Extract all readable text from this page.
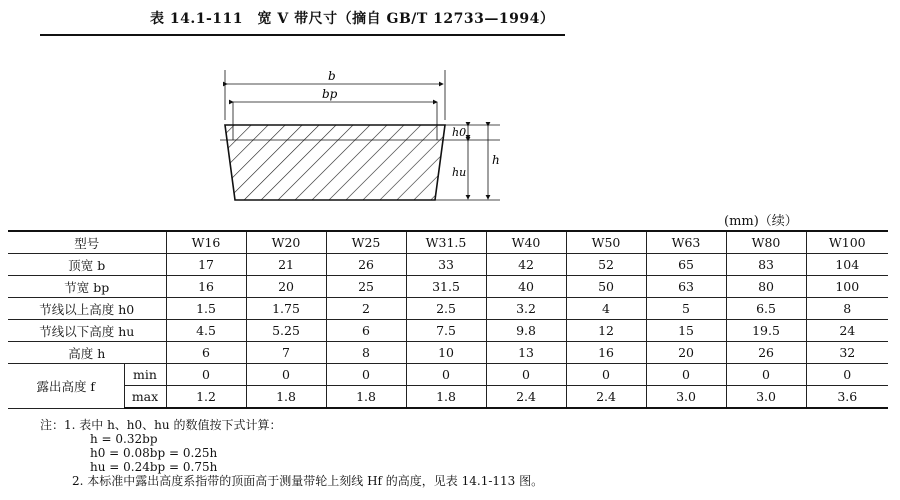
表 14.1-111　宽 V 带尺寸（摘自 GB/T 12733—1994）
b
bp
h0
hu
h
(mm)（续）
型号		W16	W20	W25	W31.5	W40	W50	W63	W80	W100
顶宽 b		17	21	26	33	42	52	65	83	104
节宽 bp		16	20	25	31.5	40	50	63	80	100
节线以上高度 h0		1.5	1.75	2	2.5	3.2	4	5	6.5	8
节线以下高度 hu		4.5	5.25	6	7.5	9.8	12	15	19.5	24
高度 h		6	7	8	10	13	16	20	26	32
露出高度 f	min	0	0	0	0	0	0	0	0	0
	max	1.2	1.8	1.8	1.8	2.4	2.4	3.0	3.0	3.6
注：1. 表中 h、h0、hu 的数值按下式计算：
h = 0.32bp
h0 = 0.08bp = 0.25h
hu = 0.24bp = 0.75h
2. 本标准中露出高度系指带的顶面高于测量带轮上刻线 Hf 的高度，见表 14.1-113 图。
